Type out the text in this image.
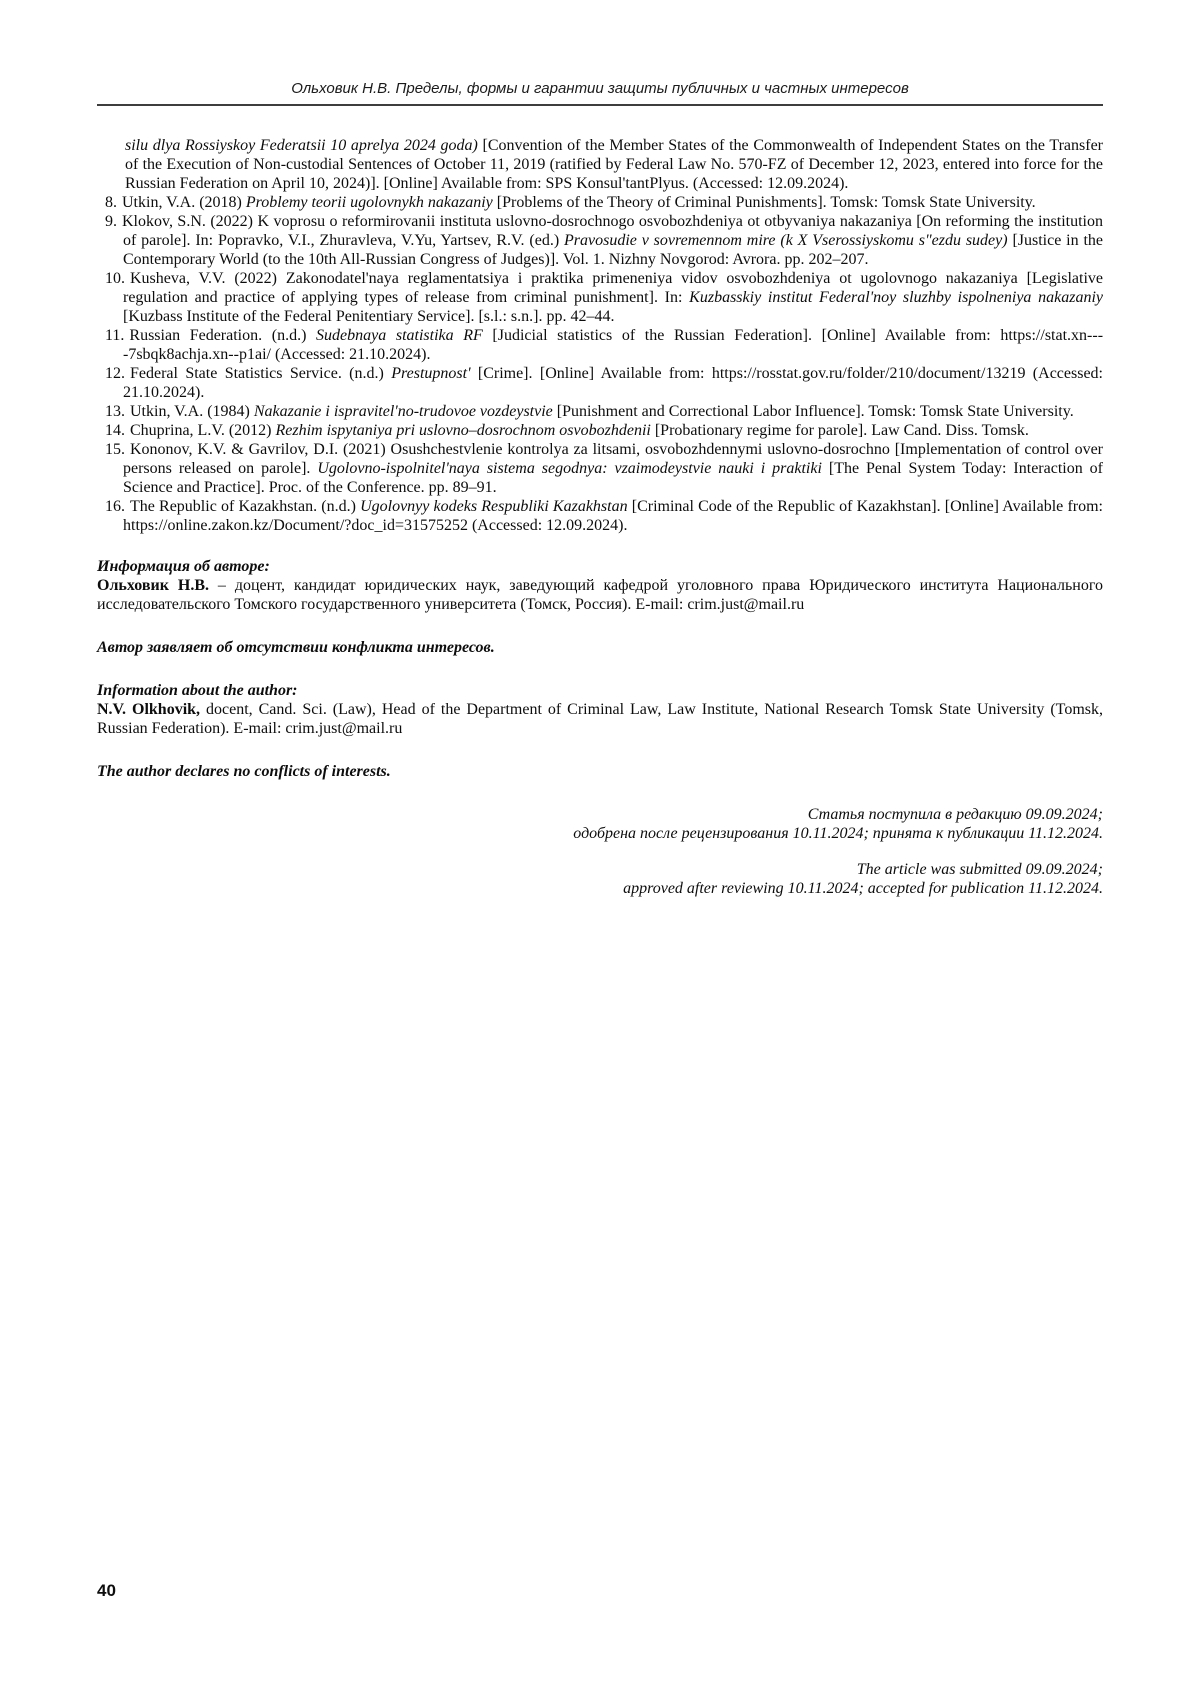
Ольховик Н.В. Пределы, формы и гарантии защиты публичных и частных интересов

silu dlya Rossiyskoy Federatsii 10 aprelya 2024 goda) [Convention of the Member States of the Commonwealth of Independent States on the Transfer of the Execution of Non-custodial Sentences of October 11, 2019 (ratified by Federal Law No. 570-FZ of December 12, 2023, entered into force for the Russian Federation on April 10, 2024)]. [Online] Available from: SPS Konsul'tantPlyus. (Accessed: 12.09.2024).

8. Utkin, V.A. (2018) Problemy teorii ugolovnykh nakazaniy [Problems of the Theory of Criminal Punishments]. Tomsk: Tomsk State University.
9. Klokov, S.N. (2022) K voprosu o reformirovanii instituta uslovno-dosrochnogo osvobozhdeniya ot otbyvaniya nakazaniya [On reforming the institution of parole]. In: Popravko, V.I., Zhuravleva, V.Yu, Yartsev, R.V. (ed.) Pravosudie v sovremennom mire (k X Vserossiyskomu s"ezdu sudey) [Justice in the Contemporary World (to the 10th All-Russian Congress of Judges)]. Vol. 1. Nizhny Novgorod: Avrora. pp. 202–207.
10. Kusheva, V.V. (2022) Zakonodatel'naya reglamentatsiya i praktika primeneniya vidov osvobozhdeniya ot ugolovnogo nakazaniya [Legislative regulation and practice of applying types of release from criminal punishment]. In: Kuzbasskiy institut Federal'noy sluzhby ispolneniya nakazaniy [Kuzbass Institute of the Federal Penitentiary Service]. [s.l.: s.n.]. pp. 42–44.
11. Russian Federation. (n.d.) Sudebnaya statistika RF [Judicial statistics of the Russian Federation]. [Online] Available from: https://stat.xn----7sbqk8achja.xn--p1ai/ (Accessed: 21.10.2024).
12. Federal State Statistics Service. (n.d.) Prestupnost' [Crime]. [Online] Available from: https://rosstat.gov.ru/folder/210/document/13219 (Accessed: 21.10.2024).
13. Utkin, V.A. (1984) Nakazanie i ispravitel'no-trudovoe vozdeystvie [Punishment and Correctional Labor Influence]. Tomsk: Tomsk State University.
14. Chuprina, L.V. (2012) Rezhim ispytaniya pri uslovno–dosrochnom osvobozhdenii [Probationary regime for parole]. Law Cand. Diss. Tomsk.
15. Kononov, K.V. & Gavrilov, D.I. (2021) Osushchestvlenie kontrolya za litsami, osvobozhdennymi uslovno-dosrochno [Implementation of control over persons released on parole]. Ugolovno-ispolnitel'naya sistema segodnya: vzaimodeystvie nauki i praktiki [The Penal System Today: Interaction of Science and Practice]. Proc. of the Conference. pp. 89–91.
16. The Republic of Kazakhstan. (n.d.) Ugolovnyy kodeks Respubliki Kazakhstan [Criminal Code of the Republic of Kazakhstan]. [Online] Available from: https://online.zakon.kz/Document/?doc_id=31575252 (Accessed: 12.09.2024).

Информация об авторе:

Ольховик Н.В. – доцент, кандидат юридических наук, заведующий кафедрой уголовного права Юридического института Национального исследовательского Томского государственного университета (Томск, Россия). E-mail: crim.just@mail.ru

Автор заявляет об отсутствии конфликта интересов.

Information about the author:

N.V. Olkhovik, docent, Cand. Sci. (Law), Head of the Department of Criminal Law, Law Institute, National Research Tomsk State University (Tomsk, Russian Federation). E-mail: crim.just@mail.ru

The author declares no conflicts of interests.

Статья поступила в редакцию 09.09.2024;
одобрена после рецензирования 10.11.2024; принята к публикации 11.12.2024.
The article was submitted 09.09.2024;
approved after reviewing 10.11.2024; accepted for publication 11.12.2024.
40
